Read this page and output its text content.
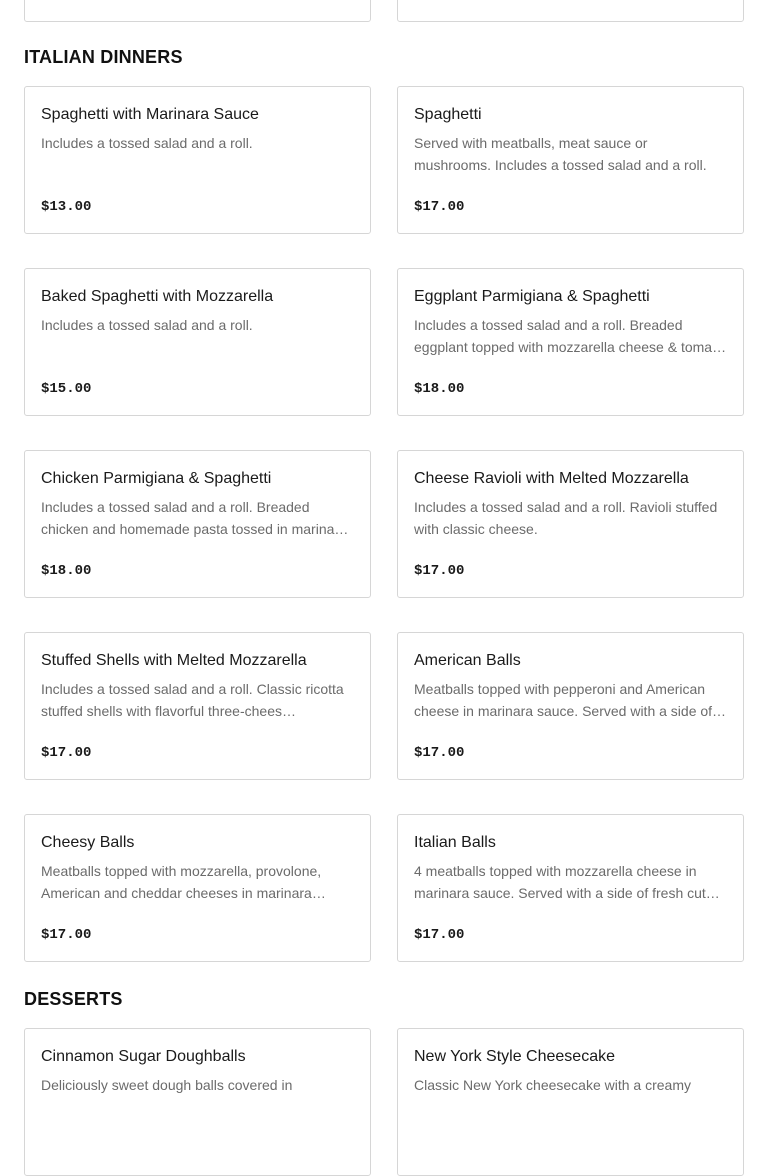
ITALIAN DINNERS
Spaghetti with Marinara Sauce
Includes a tossed salad and a roll.
$13.00
Spaghetti
Served with meatballs, meat sauce or mushrooms. Includes a tossed salad and a roll.
$17.00
Baked Spaghetti with Mozzarella
Includes a tossed salad and a roll.
$15.00
Eggplant Parmigiana & Spaghetti
Includes a tossed salad and a roll. Breaded eggplant topped with mozzarella cheese & toma…
$18.00
Chicken Parmigiana & Spaghetti
Includes a tossed salad and a roll. Breaded chicken and homemade pasta tossed in marina…
$18.00
Cheese Ravioli with Melted Mozzarella
Includes a tossed salad and a roll. Ravioli stuffed with classic cheese.
$17.00
Stuffed Shells with Melted Mozzarella
Includes a tossed salad and a roll. Classic ricotta stuffed shells with flavorful three-chees…
$17.00
American Balls
Meatballs topped with pepperoni and American cheese in marinara sauce. Served with a side of…
$17.00
Cheesy Balls
Meatballs topped with mozzarella, provolone, American and cheddar cheeses in marinara…
$17.00
Italian Balls
4 meatballs topped with mozzarella cheese in marinara sauce. Served with a side of fresh cut…
$17.00
DESSERTS
Cinnamon Sugar Doughballs
Deliciously sweet dough balls covered in
New York Style Cheesecake
Classic New York cheesecake with a creamy
